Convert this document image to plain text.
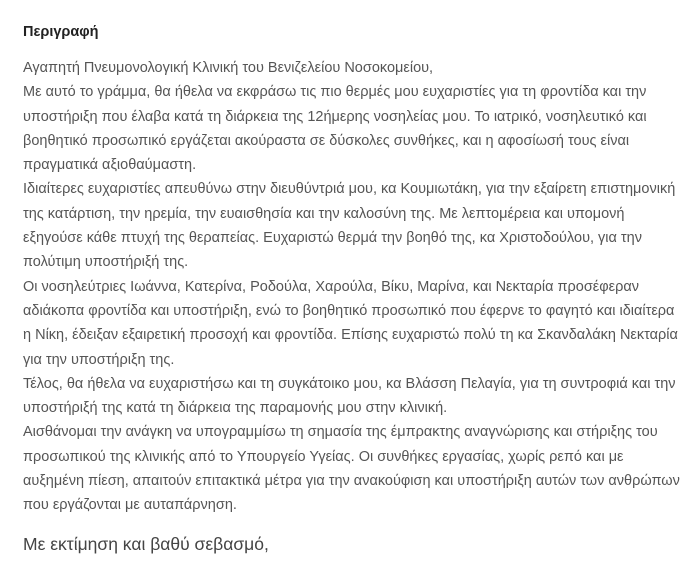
Περιγραφή
Αγαπητή Πνευμονολογική Κλινική του Βενιζελείου Νοσοκομείου,
Με αυτό το γράμμα, θα ήθελα να εκφράσω τις πιο θερμές μου ευχαριστίες για τη φροντίδα και την
υποστήριξη που έλαβα κατά τη διάρκεια της 12ήμερης νοσηλείας μου. Το ιατρικό, νοσηλευτικό και
βοηθητικό προσωπικό εργάζεται ακούραστα σε δύσκολες συνθήκες, και η αφοσίωσή τους είναι
πραγματικά αξιοθαύμαστη.
Ιδιαίτερες ευχαριστίες απευθύνω στην διευθύντριά μου, κα Κουμιωτάκη, για την εξαίρετη επιστημονική
της κατάρτιση, την ηρεμία, την ευαισθησία και την καλοσύνη της. Με λεπτομέρεια και υπομονή
εξηγούσε κάθε πτυχή της θεραπείας. Ευχαριστώ θερμά την βοηθό της, κα Χριστοδούλου, για την
πολύτιμη υποστήριξή της.
Οι νοσηλεύτριες Ιωάννα, Κατερίνα, Ροδούλα, Χαρούλα, Βίκυ, Μαρίνα, και Νεκταρία προσέφεραν
αδιάκοπα φροντίδα και υποστήριξη, ενώ το βοηθητικό προσωπικό που έφερνε το φαγητό και ιδιαίτερα
η Νίκη, έδειξαν εξαιρετική προσοχή και φροντίδα. Επίσης ευχαριστώ πολύ τη κα Σκανδαλάκη Νεκταρία
για την υποστήριξη της.
Τέλος, θα ήθελα να ευχαριστήσω και τη συγκάτοικο μου, κα Βλάσση Πελαγία, για τη συντροφιά και την
υποστήριξή της κατά τη διάρκεια της παραμονής μου στην κλινική.
Αισθάνομαι την ανάγκη να υπογραμμίσω τη σημασία της έμπρακτης αναγνώρισης και στήριξης του
προσωπικού της κλινικής από το Υπουργείο Υγείας. Οι συνθήκες εργασίας, χωρίς ρεπό και με
αυξημένη πίεση, απαιτούν επιτακτικά μέτρα για την ανακούφιση και υποστήριξη αυτών των ανθρώπων
που εργάζονται με αυταπάρνηση.
Με εκτίμηση και βαθύ σεβασμό,
